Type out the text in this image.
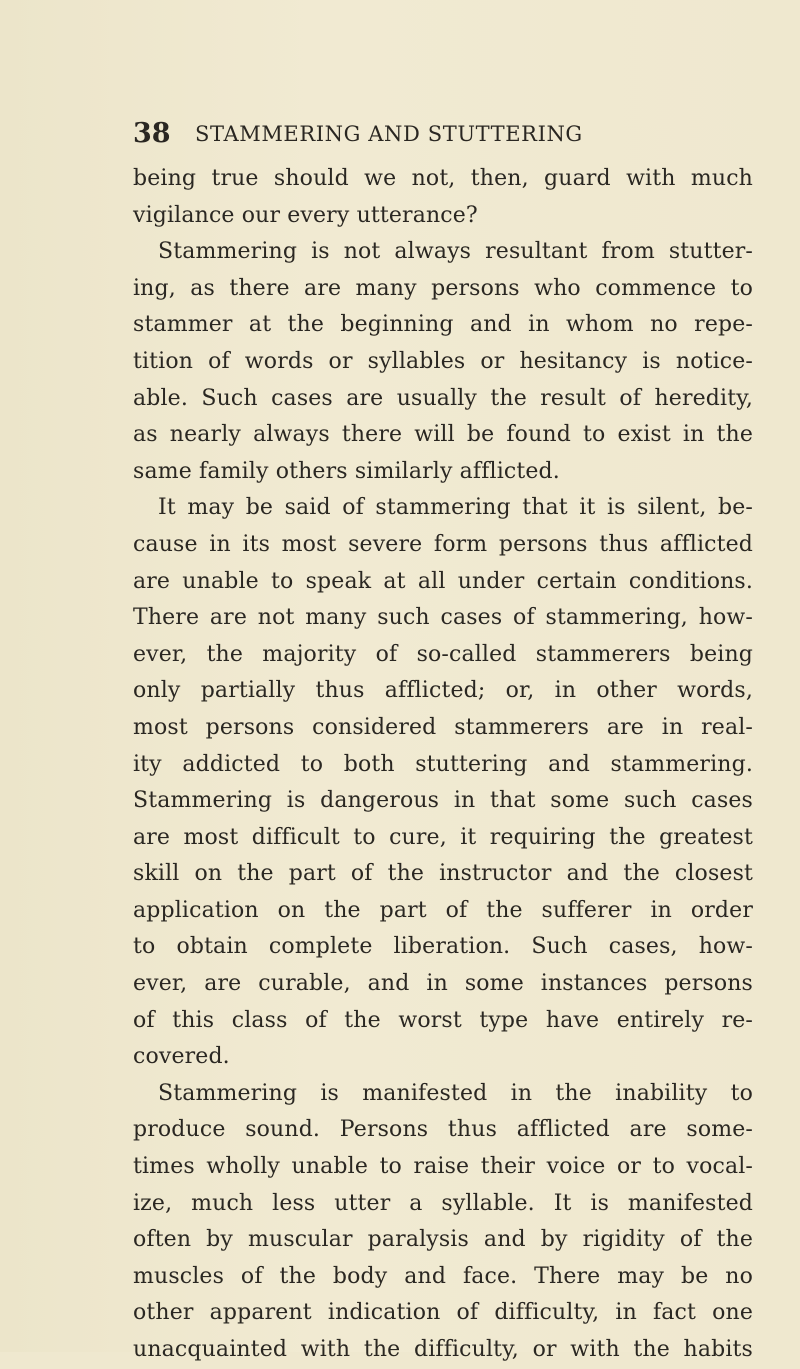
38 STAMMERING AND STUTTERING
being true should we not, then, guard with much
vigilance our every utterance?
Stammering is not always resultant from stutter-
ing, as there are many persons who commence to
stammer at the beginning and in whom no repe-
tition of words or syllables or hesitancy is notice-
able. Such cases are usually the result of heredity,
as nearly always there will be found to exist in the
same family others similarly afflicted.
It may be said of stammering that it is silent, be-
cause in its most severe form persons thus afflicted
are unable to speak at all under certain conditions.
There are not many such cases of stammering, how-
ever, the majority of so-called stammerers being
only partially thus afflicted; or, in other words,
most persons considered stammerers are in real-
ity addicted to both stuttering and stammering.
Stammering is dangerous in that some such cases
are most difficult to cure, it requiring the greatest
skill on the part of the instructor and the closest
application on the part of the sufferer in order
to obtain complete liberation. Such cases, how-
ever, are curable, and in some instances persons
of this class of the worst type have entirely re-
covered.
Stammering is manifested in the inability to
produce sound. Persons thus afflicted are some-
times wholly unable to raise their voice or to vocal-
ize, much less utter a syllable. It is manifested
often by muscular paralysis and by rigidity of the
muscles of the body and face. There may be no
other apparent indication of difficulty, in fact one
unacquainted with the difficulty, or with the habits
